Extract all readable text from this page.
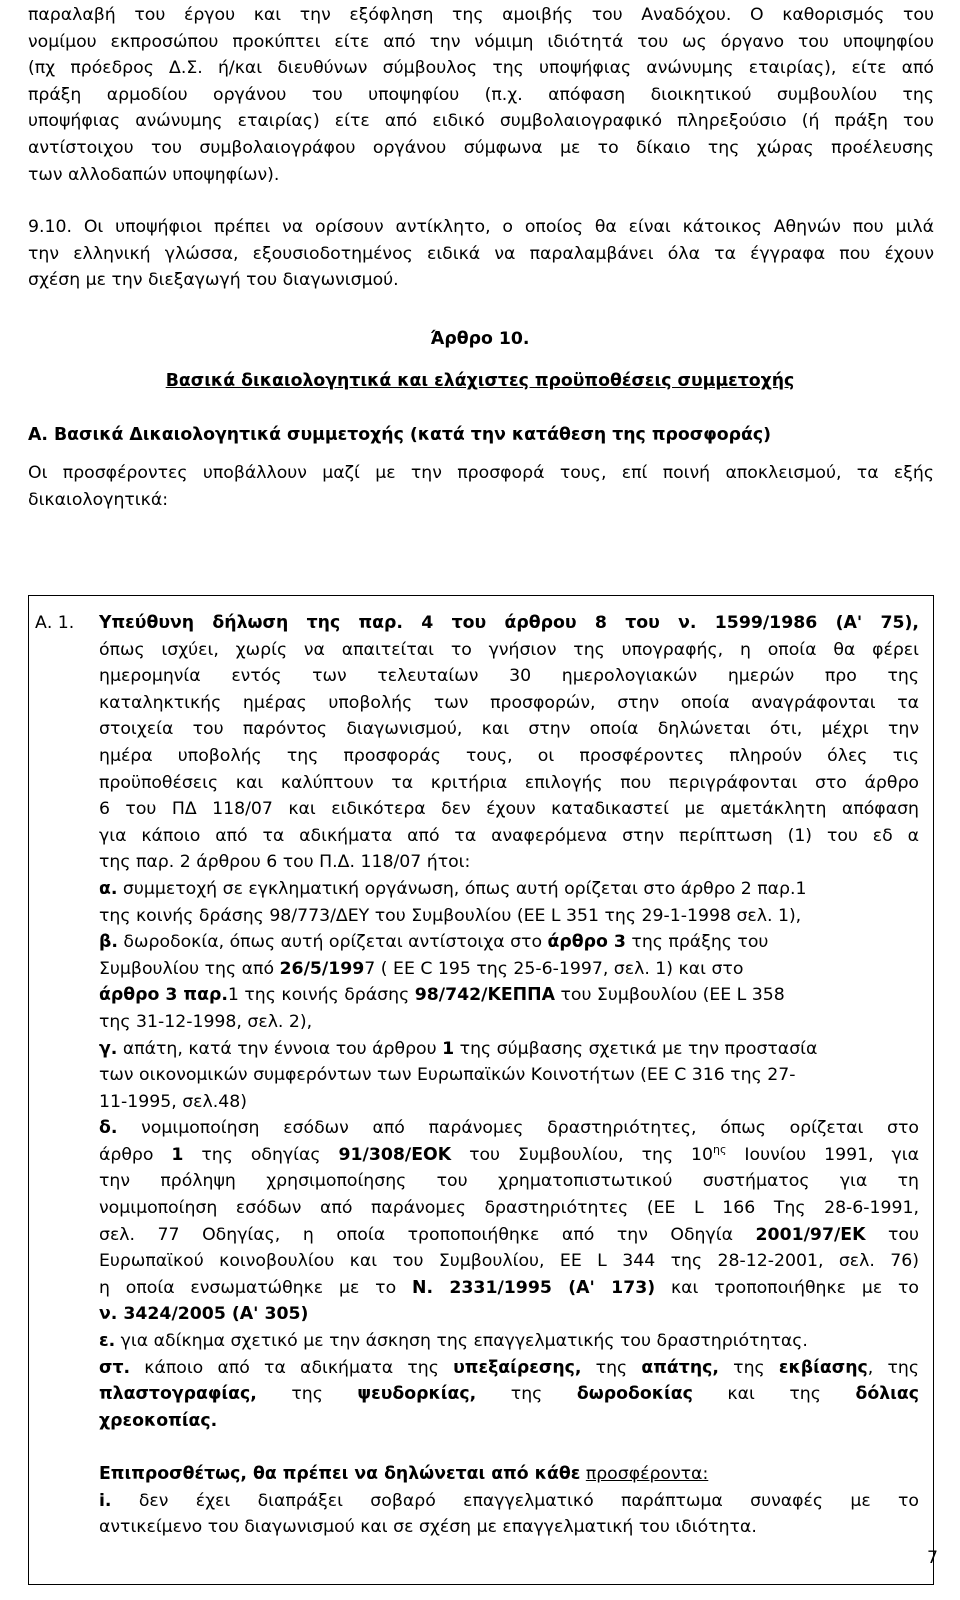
παραλαβή του έργου και την εξόφληση της αμοιβής του Αναδόχου. Ο καθορισμός του

νομίμου εκπροσώπου προκύπτει είτε από την νόμιμη ιδιότητά του ως όργανο του υποψηφίου

(πχ πρόεδρος Δ.Σ. ή/και διευθύνων σύμβουλος της υποψήφιας ανώνυμης εταιρίας), είτε από

πράξη αρμοδίου οργάνου του υποψηφίου (π.χ. απόφαση διοικητικού συμβουλίου της

υποψήφιας ανώνυμης εταιρίας) είτε από ειδικό συμβολαιογραφικό πληρεξούσιο (ή πράξη του

αντίστοιχου του συμβολαιογράφου οργάνου σύμφωνα με το δίκαιο της χώρας προέλευσης

των αλλοδαπών υποψηφίων).

9.10. Οι υποψήφιοι πρέπει να ορίσουν αντίκλητο, ο οποίος θα είναι κάτοικος Αθηνών που μιλά

την ελληνική γλώσσα, εξουσιοδοτημένος ειδικά να παραλαμβάνει όλα τα έγγραφα που έχουν

σχέση με την διεξαγωγή του διαγωνισμού.

Άρθρο 10.

Βασικά δικαιολογητικά και ελάχιστες προϋποθέσεις συμμετοχής

Α. Βασικά Δικαιολογητικά συμμετοχής (κατά την κατάθεση της προσφοράς)

Οι προσφέροντες υποβάλλουν μαζί με την προσφορά τους, επί ποινή αποκλεισμού, τα εξής

δικαιολογητικά:

Α. 1.	Υπεύθυνη δήλωση της παρ. 4 του άρθρου 8 του ν. 1599/1986 (Α' 75),

όπως ισχύει, χωρίς να απαιτείται το γνήσιον της υπογραφής, η οποία θα φέρει

ημερομηνία εντός των τελευταίων 30 ημερολογιακών ημερών προ της

καταληκτικής ημέρας υποβολής των προσφορών, στην οποία αναγράφονται τα

στοιχεία του παρόντος διαγωνισμού, και στην οποία δηλώνεται ότι, μέχρι την

ημέρα υποβολής της προσφοράς τους, οι προσφέροντες πληρούν όλες τις

προϋποθέσεις και καλύπτουν τα κριτήρια επιλογής που περιγράφονται στο άρθρο

6 του ΠΔ 118/07 και ειδικότερα δεν έχουν καταδικαστεί με αμετάκλητη απόφαση

για κάποιο από τα αδικήματα από τα αναφερόμενα στην περίπτωση (1) του εδ α

της παρ. 2 άρθρου 6 του Π.Δ. 118/07 ήτοι:

α. συμμετοχή σε εγκληματική οργάνωση, όπως αυτή ορίζεται στο άρθρο 2 παρ.1

της κοινής δράσης 98/773/ΔΕΥ του Συμβουλίου (ΕΕ L 351 της 29-1-1998 σελ. 1),

β. δωροδοκία, όπως αυτή ορίζεται αντίστοιχα στο άρθρο 3 της πράξης του

Συμβουλίου της από 26/5/1997 ( ΕΕ C 195 της 25-6-1997, σελ. 1) και στο

άρθρο 3 παρ.1 της κοινής δράσης 98/742/ΚΕΠΠΑ του Συμβουλίου (ΕΕ L 358

της 31-12-1998, σελ. 2),

γ. απάτη, κατά την έννοια του άρθρου 1 της σύμβασης σχετικά με την προστασία

των οικονομικών συμφερόντων των Ευρωπαϊκών Κοινοτήτων (ΕΕ C 316 της 27-

11-1995, σελ.48)

δ. νομιμοποίηση εσόδων από παράνομες δραστηριότητες, όπως ορίζεται στο

άρθρο 1 της οδηγίας 91/308/ΕΟΚ του Συμβουλίου, της $10^{\eta\varsigma}$ Ιουνίου 1991, για

την πρόληψη χρησιμοποίησης του χρηματοπιστωτικού συστήματος για τη

νομιμοποίηση εσόδων από παράνομες δραστηριότητες (ΕΕ L 166 Της 28-6-1991,

σελ. 77 Οδηγίας, η οποία τροποποιήθηκε από την Οδηγία 2001/97/ΕΚ του

Ευρωπαϊκού κοινοβουλίου και του Συμβουλίου, ΕΕ L 344 της 28-12-2001, σελ. 76)

η οποία ενσωματώθηκε με το Ν. 2331/1995 (Α' 173) και τροποποιήθηκε με το

ν. 3424/2005 (Α' 305)

ε. για αδίκημα σχετικό με την άσκηση της επαγγελματικής του δραστηριότητας.

στ. κάποιο από τα αδικήματα της υπεξαίρεσης, της απάτης, της εκβίασης, της

πλαστογραφίας, της ψευδορκίας, της δωροδοκίας και της δόλιας

χρεοκοπίας.

Επιπροσθέτως, θα πρέπει να δηλώνεται από κάθε προσφέροντα:

i. δεν έχει διαπράξει σοβαρό επαγγελματικό παράπτωμα συναφές με το

αντικείμενο του διαγωνισμού και σε σχέση με επαγγελματική του ιδιότητα.

7
